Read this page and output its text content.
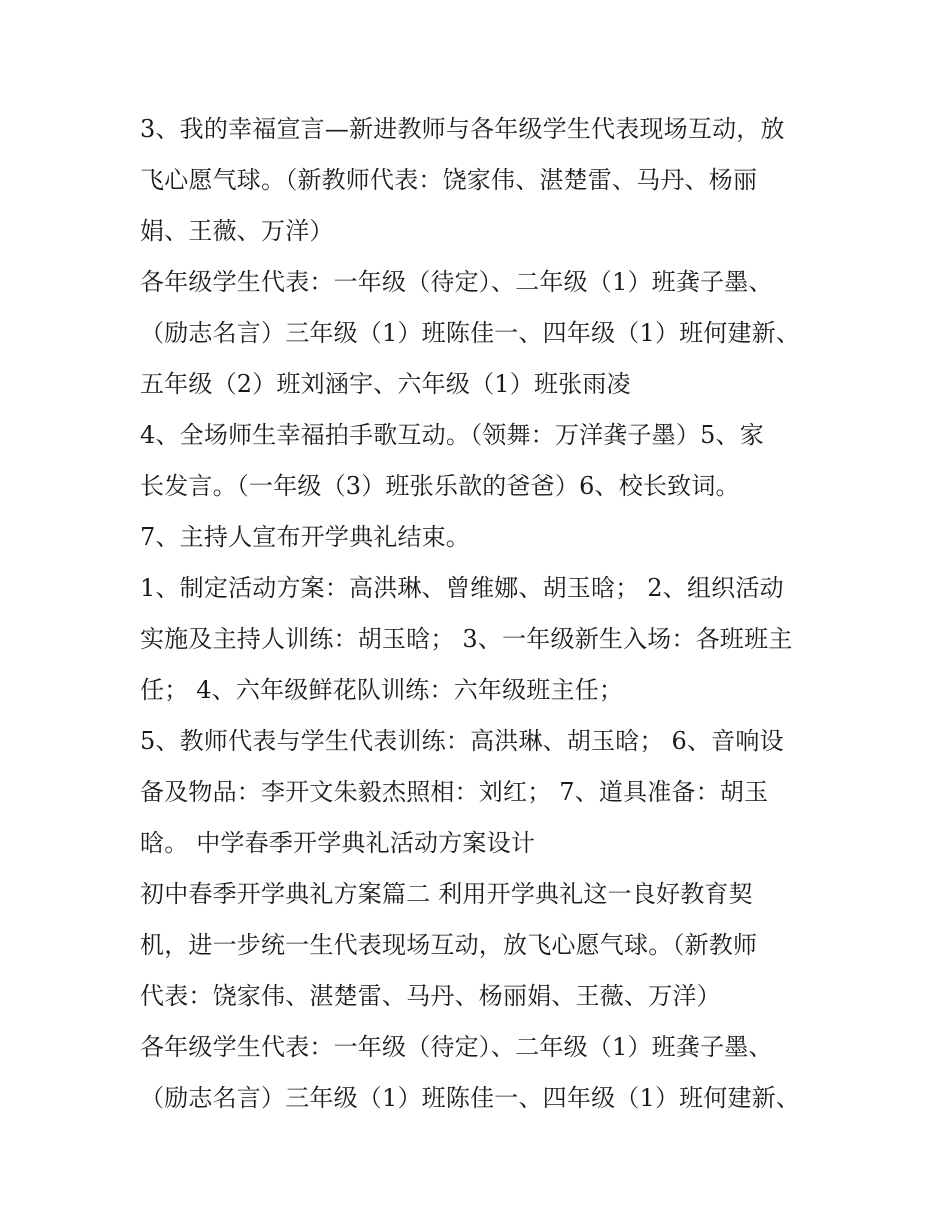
3、我的幸福宣言—新进教师与各年级学生代表现场互动，放
飞心愿气球。（新教师代表：饶家伟、湛楚雷、马丹、杨丽
娟、王薇、万洋）
各年级学生代表：一年级（待定）、二年级（1）班龚子墨、
（励志名言）三年级（1）班陈佳一、四年级（1）班何建新、
五年级（2）班刘涵宇、六年级（1）班张雨凌
4、全场师生幸福拍手歌互动。（领舞：万洋龚子墨）5、家
长发言。（一年级（3）班张乐歆的爸爸）6、校长致词。
7、主持人宣布开学典礼结束。
1、制定活动方案：高洪琳、曾维娜、胡玉晗； 2、组织活动
实施及主持人训练：胡玉晗； 3、一年级新生入场：各班班主
任； 4、六年级鲜花队训练：六年级班主任；
5、教师代表与学生代表训练：高洪琳、胡玉晗； 6、音响设
备及物品：李开文朱毅杰照相：刘红； 7、道具准备：胡玉
晗。 中学春季开学典礼活动方案设计
初中春季开学典礼方案篇二 利用开学典礼这一良好教育契
机，进一步统一生代表现场互动，放飞心愿气球。（新教师
代表：饶家伟、湛楚雷、马丹、杨丽娟、王薇、万洋）
各年级学生代表：一年级（待定）、二年级（1）班龚子墨、
（励志名言）三年级（1）班陈佳一、四年级（1）班何建新、
